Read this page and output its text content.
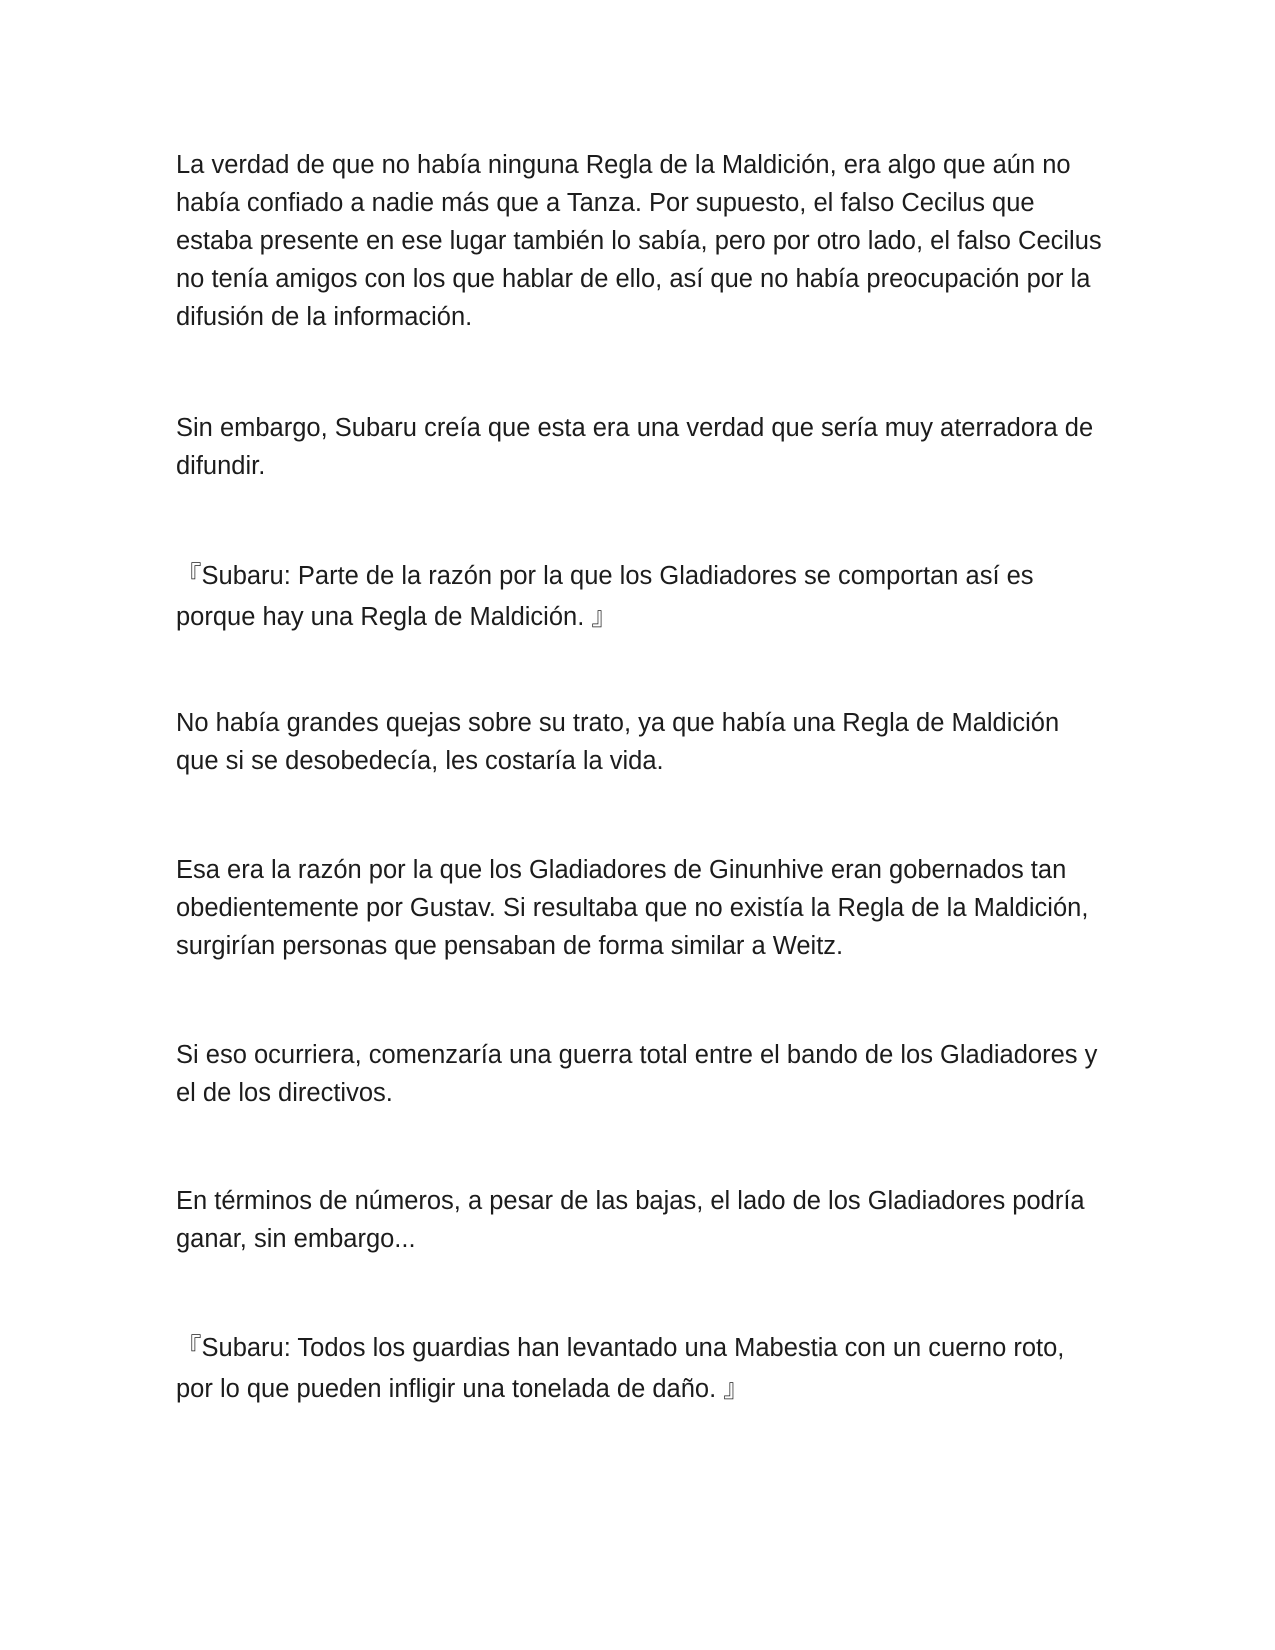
La verdad de que no había ninguna Regla de la Maldición, era algo que aún no había confiado a nadie más que a Tanza. Por supuesto, el falso Cecilus que estaba presente en ese lugar también lo sabía, pero por otro lado, el falso Cecilus no tenía amigos con los que hablar de ello, así que no había preocupación por la difusión de la información.

Sin embargo, Subaru creía que esta era una verdad que sería muy aterradora de difundir.

『Subaru: Parte de la razón por la que los Gladiadores se comportan así es porque hay una Regla de Maldición. 』

No había grandes quejas sobre su trato, ya que había una Regla de Maldición que si se desobedecía, les costaría la vida.

Esa era la razón por la que los Gladiadores de Ginunhive eran gobernados tan obedientemente por Gustav. Si resultaba que no existía la Regla de la Maldición, surgirían personas que pensaban de forma similar a Weitz.

Si eso ocurriera, comenzaría una guerra total entre el bando de los Gladiadores y el de los directivos.

En términos de números, a pesar de las bajas, el lado de los Gladiadores podría ganar, sin embargo...

『Subaru: Todos los guardias han levantado una Mabestia con un cuerno roto, por lo que pueden infligir una tonelada de daño. 』
